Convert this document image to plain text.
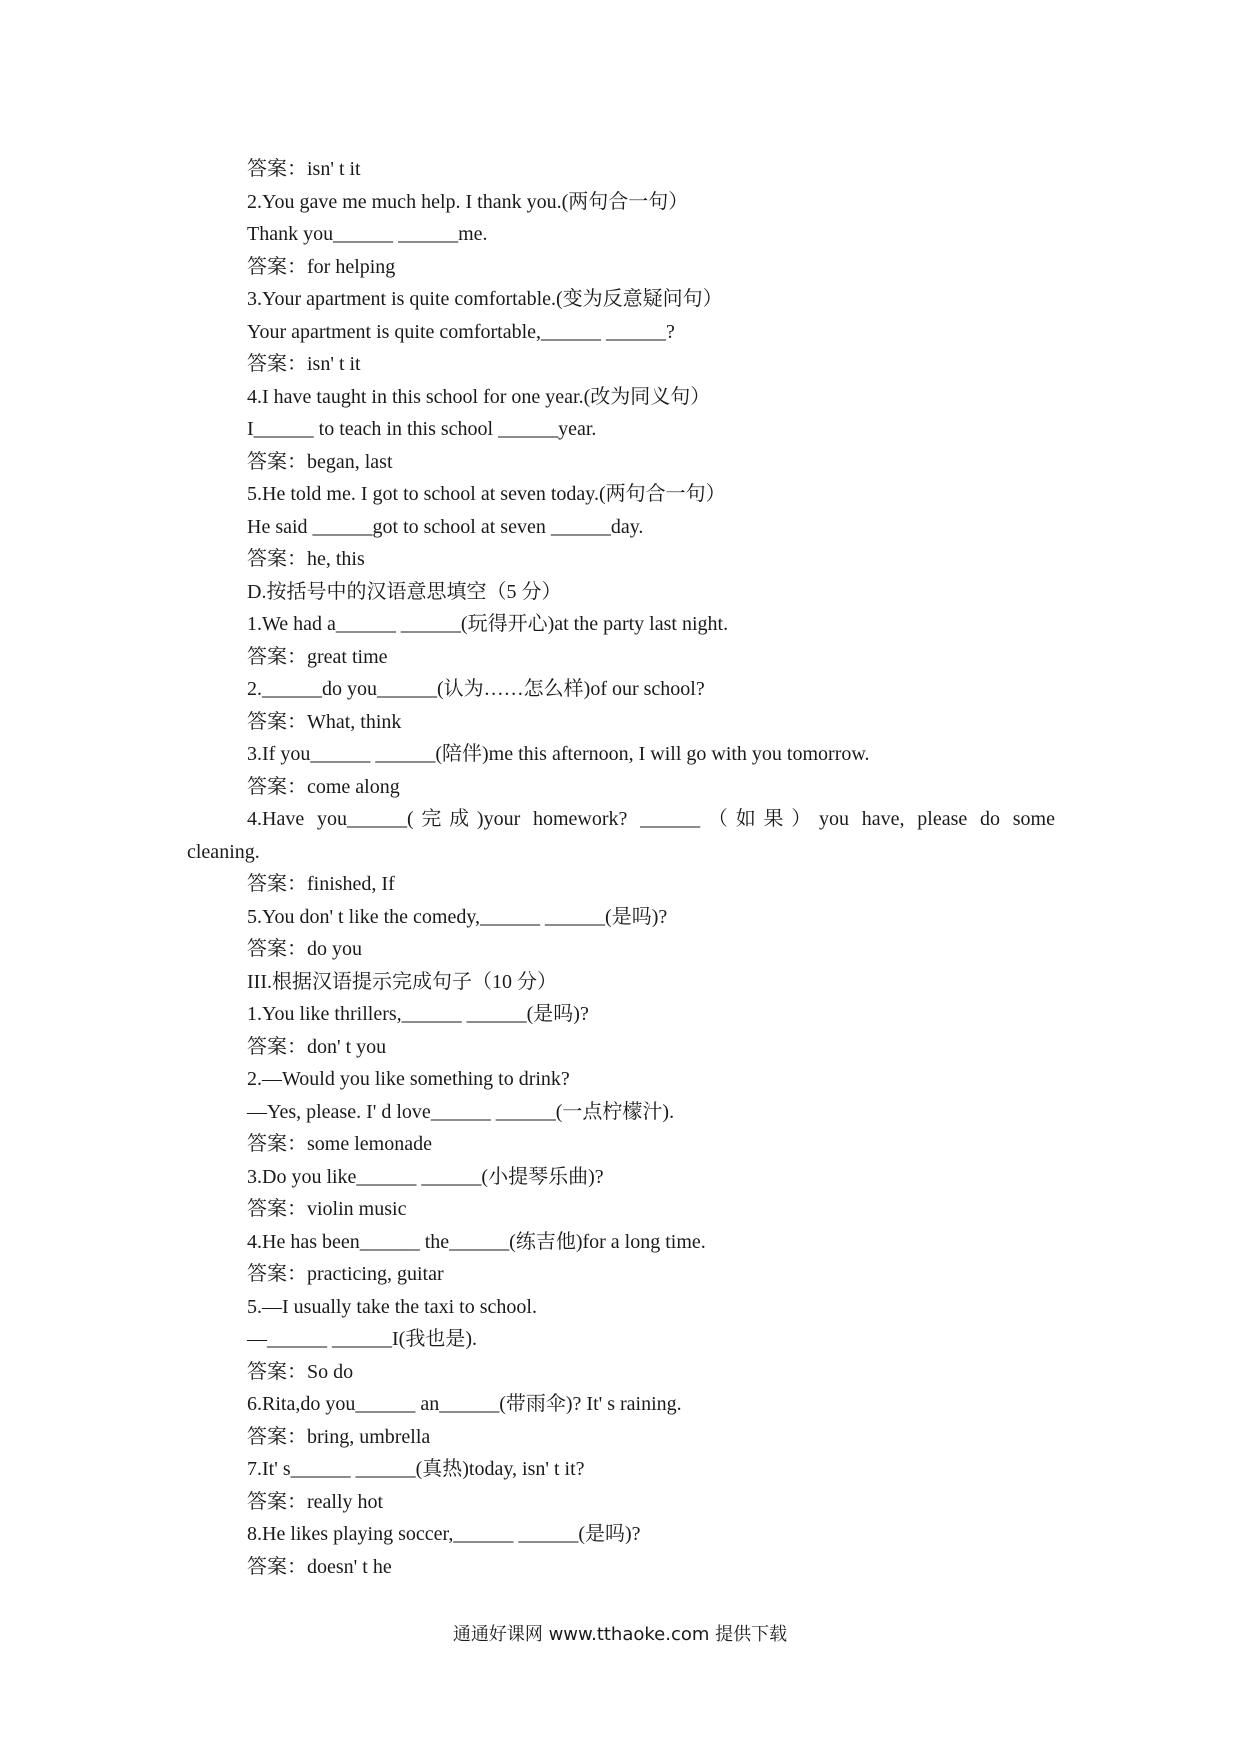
答案：isn' t it
2.You gave me much help. I thank you.(两句合一句）
Thank you______ ______me.
答案：for helping
3.Your apartment is quite comfortable.(变为反意疑问句）
Your apartment is quite comfortable,______ ______?
答案：isn' t it
4.I have taught in this school for one year.(改为同义句）
I______ to teach in this school ______year.
答案：began, last
5.He told me. I got to school at seven today.(两句合一句）
He said ______got to school at seven ______day.
答案：he, this
D.按括号中的汉语意思填空（5 分）
1.We had a______ ______(玩得开心)at the party last night.
答案：great time
2.______do you______(认为……怎么样)of our school?
答案：What, think
3.If you______ ______(陪伴)me this afternoon, I will go with you tomorrow.
答案：come along
4.Have you______(完成)your homework? ______（如果）you have, please do some
cleaning.
答案：finished, If
5.You don' t like the comedy,______ ______(是吗)?
答案：do you
III.根据汉语提示完成句子（10 分）
1.You like thrillers,______ ______(是吗)?
答案：don' t you
2.—Would you like something to drink?
—Yes, please. I' d love______ ______(一点柠檬汁).
答案：some lemonade
3.Do you like______ ______(小提琴乐曲)?
答案：violin music
4.He has been______ the______(练吉他)for a long time.
答案：practicing, guitar
5.—I usually take the taxi to school.
—______ ______I(我也是).
答案：So do
6.Rita,do you______ an______(带雨伞)? It' s raining.
答案：bring, umbrella
7.It' s______ ______(真热)today, isn' t it?
答案：really hot
8.He likes playing soccer,______ ______(是吗)?
答案：doesn' t he
通通好课网 www.tthaoke.com 提供下载
